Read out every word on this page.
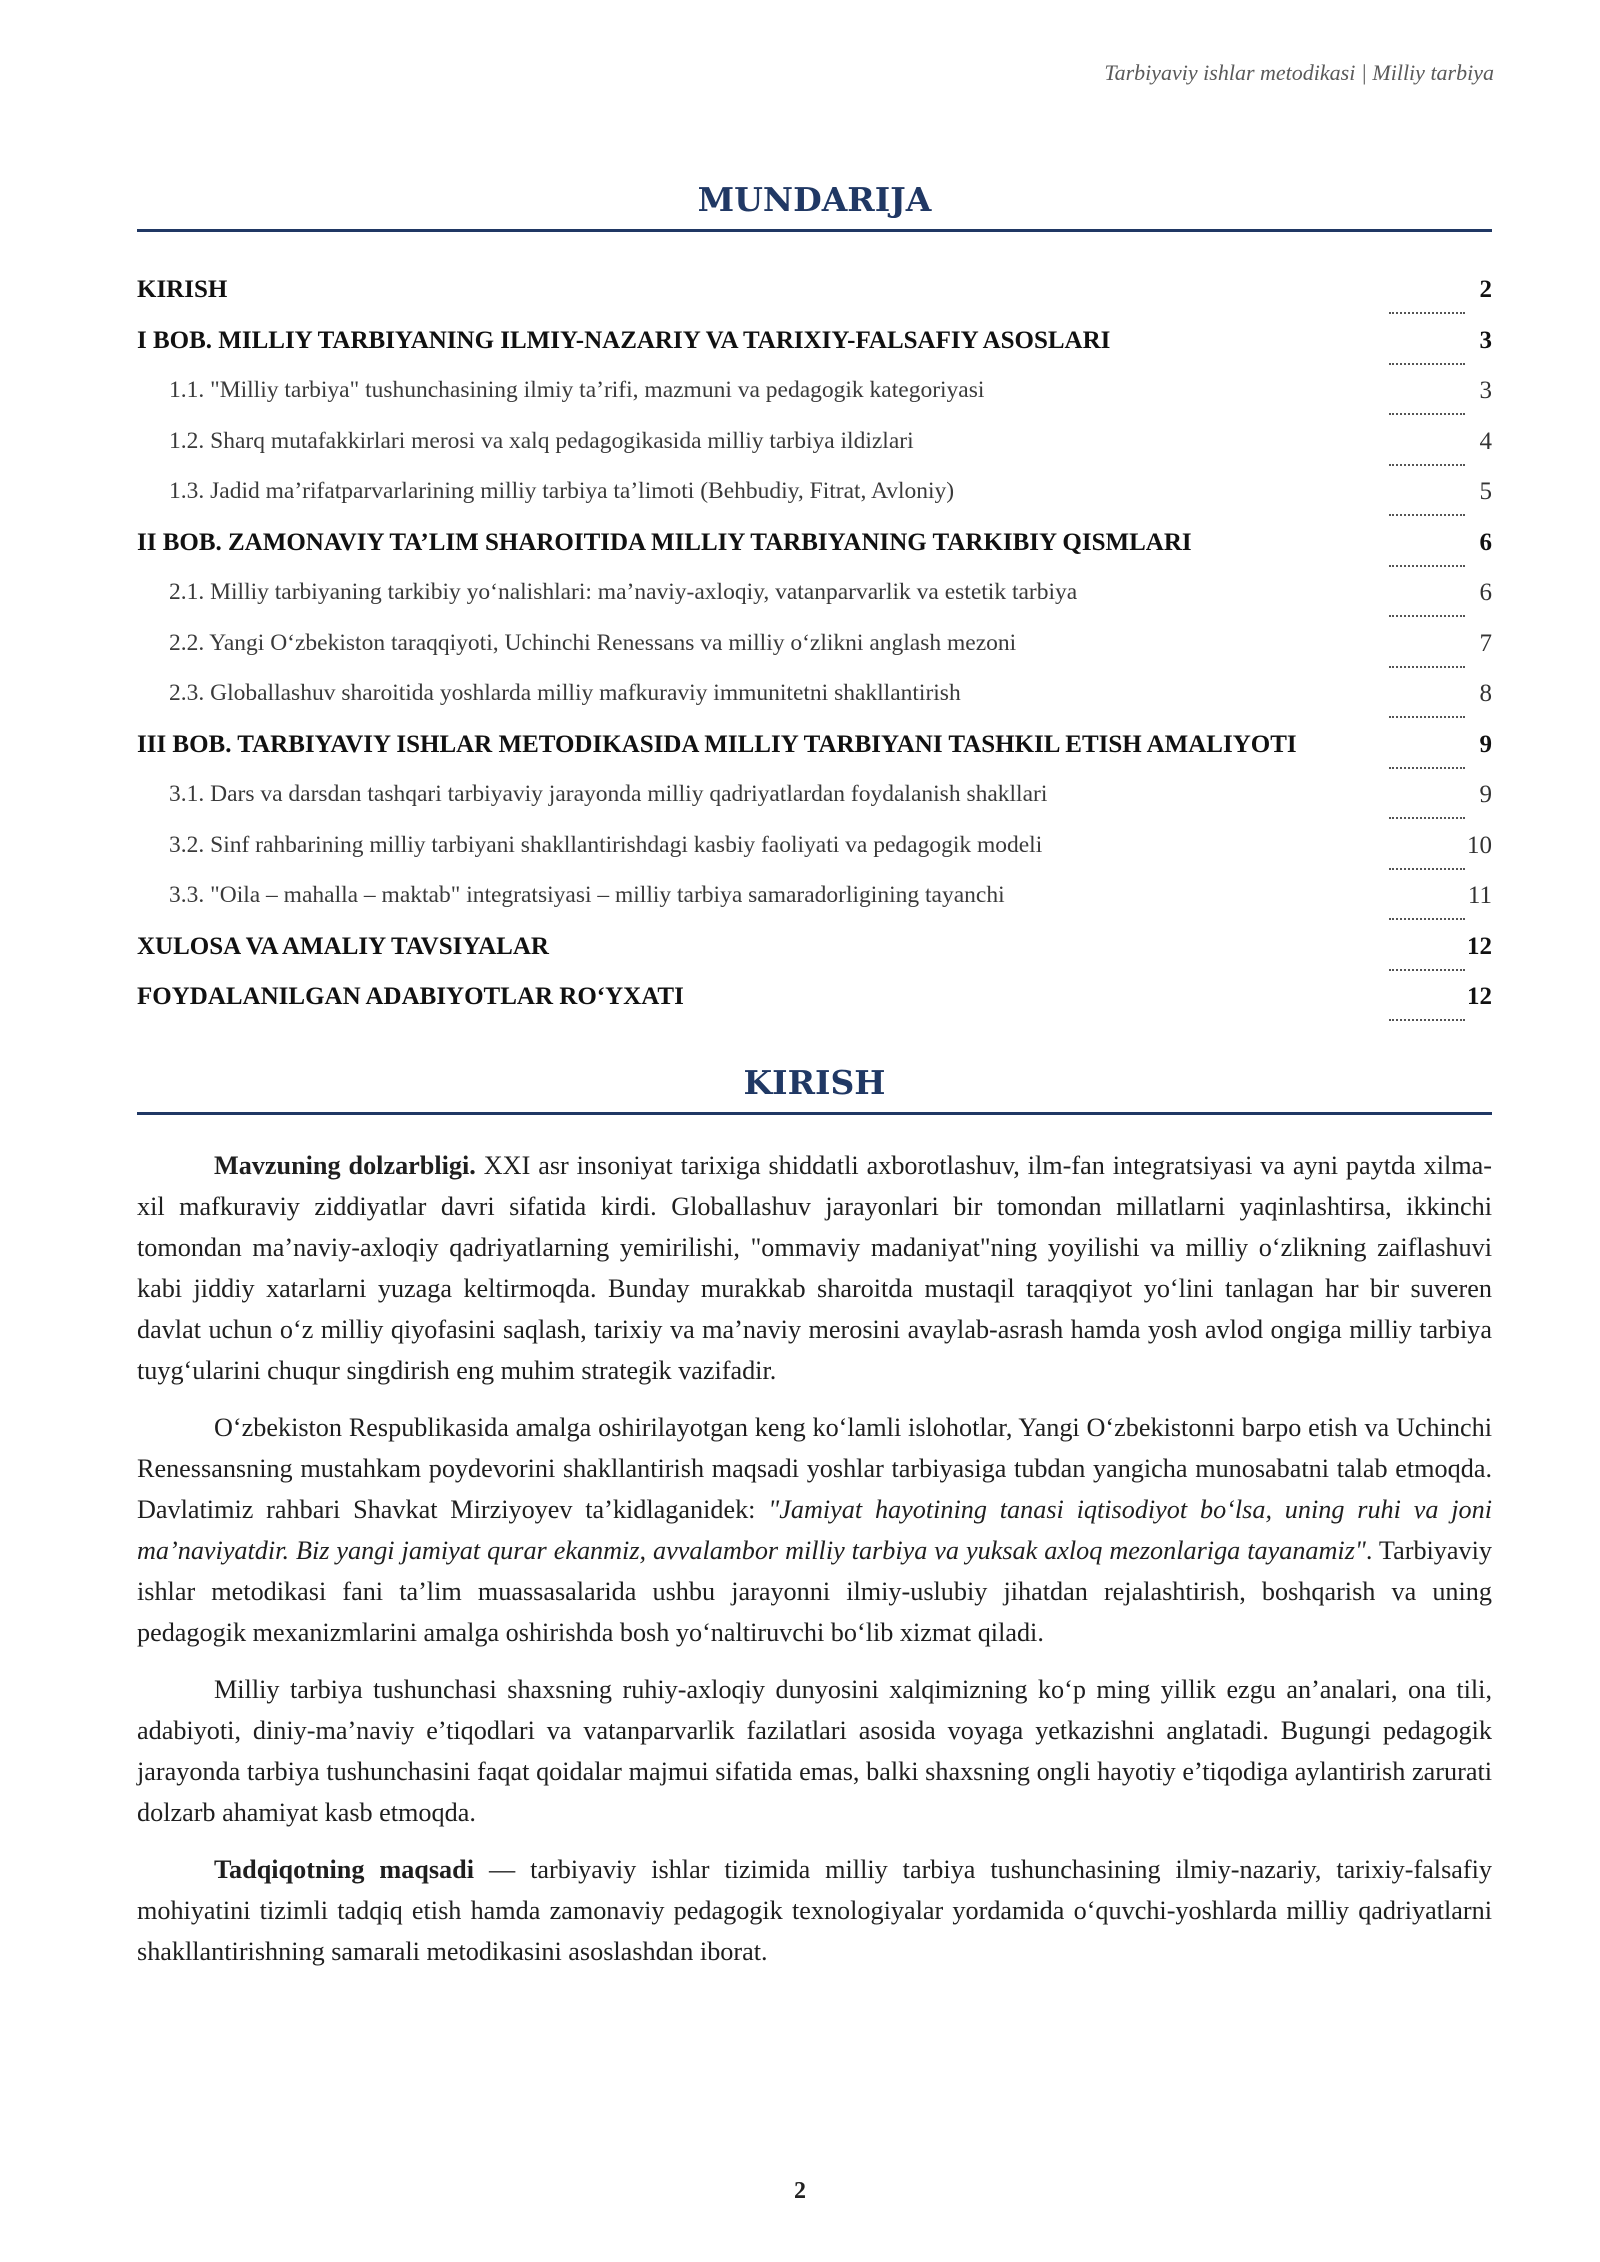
Tarbiyaviy ishlar metodikasi | Milliy tarbiya
MUNDARIJA
KIRISH	2
I BOB. MILLIY TARBIYANING ILMIY-NAZARIY VA TARIXIY-FALSAFIY ASOSLARI	3
1.1. "Milliy tarbiya" tushunchasining ilmiy ta’rifi, mazmuni va pedagogik kategoriyasi	3
1.2. Sharq mutafakkirlari merosi va xalq pedagogikasida milliy tarbiya ildizlari	4
1.3. Jadid ma’rifatparvarlarining milliy tarbiya ta’limoti (Behbudiy, Fitrat, Avloniy)	5
II BOB. ZAMONAVIY TA’LIM SHAROITIDA MILLIY TARBIYANING TARKIBIY QISMLARI	6
2.1. Milliy tarbiyaning tarkibiy yo‘nalishlari: ma’naviy-axloqiy, vatanparvarlik va estetik tarbiya	6
2.2. Yangi O‘zbekiston taraqqiyoti, Uchinchi Renessans va milliy o‘zlikni anglash mezoni	7
2.3. Globallashuv sharoitida yoshlarda milliy mafkuraviy immunitetni shakllantirish	8
III BOB. TARBIYAVIY ISHLAR METODIKASIDA MILLIY TARBIYANI TASHKIL ETISH AMALIYOTI	9
3.1. Dars va darsdan tashqari tarbiyaviy jarayonda milliy qadriyatlardan foydalanish shakllari	9
3.2. Sinf rahbarining milliy tarbiyani shakllantirishdagi kasbiy faoliyati va pedagogik modeli	10
3.3. "Oila – mahalla – maktab" integratsiyasi – milliy tarbiya samaradorligining tayanchi	11
XULOSA VA AMALIY TAVSIYALAR	12
FOYDALANILGAN ADABIYOTLAR RO‘YXATI	12
KIRISH

Mavzuning dolzarbligi. XXI asr insoniyat tarixiga shiddatli axborotlashuv, ilm-fan integratsiyasi va ayni paytda xilma-xil mafkuraviy ziddiyatlar davri sifatida kirdi. Globallashuv jarayonlari bir tomondan millatlarni yaqinlashtirsa, ikkinchi tomondan ma’naviy-axloqiy qadriyatlarning yemirilishi, "ommaviy madaniyat"ning yoyilishi va milliy o‘zlikning zaiflashuvi kabi jiddiy xatarlarni yuzaga keltirmoqda. Bunday murakkab sharoitda mustaqil taraqqiyot yo‘lini tanlagan har bir suveren davlat uchun o‘z milliy qiyofasini saqlash, tarixiy va ma’naviy merosini avaylab-asrash hamda yosh avlod ongiga milliy tarbiya tuyg‘ularini chuqur singdirish eng muhim strategik vazifadir.

O‘zbekiston Respublikasida amalga oshirilayotgan keng ko‘lamli islohotlar, Yangi O‘zbekistonni barpo etish va Uchinchi Renessansning mustahkam poydevorini shakllantirish maqsadi yoshlar tarbiyasiga tubdan yangicha munosabatni talab etmoqda. Davlatimiz rahbari Shavkat Mirziyoyev ta’kidlaganidek: "Jamiyat hayotining tanasi iqtisodiyot bo‘lsa, uning ruhi va joni ma’naviyatdir. Biz yangi jamiyat qurar ekanmiz, avvalambor milliy tarbiya va yuksak axloq mezonlariga tayanamiz". Tarbiyaviy ishlar metodikasi fani ta’lim muassasalarida ushbu jarayonni ilmiy-uslubiy jihatdan rejalashtirish, boshqarish va uning pedagogik mexanizmlarini amalga oshirishda bosh yo‘naltiruvchi bo‘lib xizmat qiladi.

Milliy tarbiya tushunchasi shaxsning ruhiy-axloqiy dunyosini xalqimizning ko‘p ming yillik ezgu an’analari, ona tili, adabiyoti, diniy-ma’naviy e’tiqodlari va vatanparvarlik fazilatlari asosida voyaga yetkazishni anglatadi. Bugungi pedagogik jarayonda tarbiya tushunchasini faqat qoidalar majmui sifatida emas, balki shaxsning ongli hayotiy e’tiqodiga aylantirish zarurati dolzarb ahamiyat kasb etmoqda.

Tadqiqotning maqsadi — tarbiyaviy ishlar tizimida milliy tarbiya tushunchasining ilmiy-nazariy, tarixiy-falsafiy mohiyatini tizimli tadqiq etish hamda zamonaviy pedagogik texnologiyalar yordamida o‘quvchi-yoshlarda milliy qadriyatlarni shakllantirishning samarali metodikasini asoslashdan iborat.

2
